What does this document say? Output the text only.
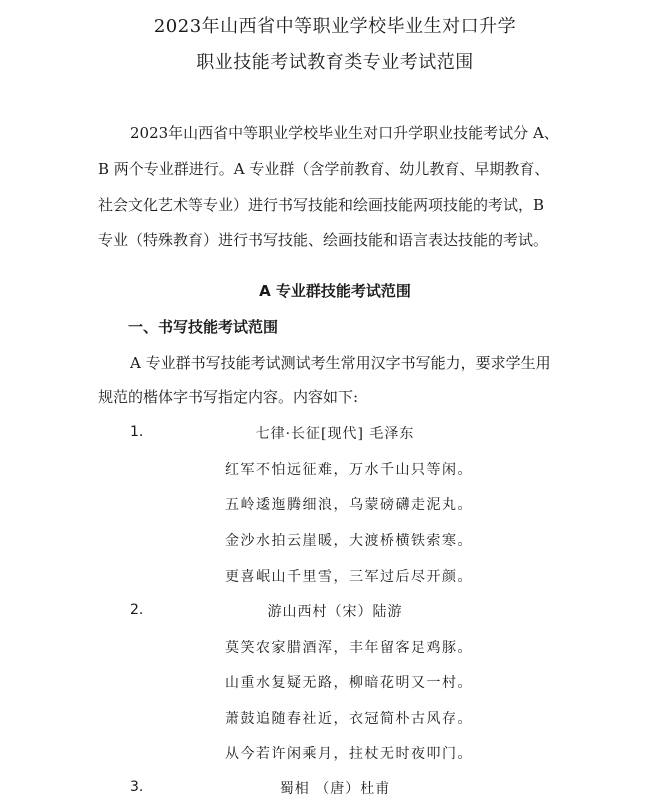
2023年山西省中等职业学校毕业生对口升学
职业技能考试教育类专业考试范围
2023年山西省中等职业学校毕业生对口升学职业技能考试分 A、
B 两个专业群进行。A 专业群（含学前教育、幼儿教育、早期教育、
社会文化艺术等专业）进行书写技能和绘画技能两项技能的考试，B
专业（特殊教育）进行书写技能、绘画技能和语言表达技能的考试。
A 专业群技能考试范围
一、书写技能考试范围
A 专业群书写技能考试测试考生常用汉字书写能力，要求学生用
规范的楷体字书写指定内容。内容如下:
1.	七律·长征[现代] 毛泽东
红军不怕远征难，万水千山只等闲。
五岭逶迤腾细浪，乌蒙磅礴走泥丸。
金沙水拍云崖暖，大渡桥横铁索寒。
更喜岷山千里雪，三军过后尽开颜。
2.	游山西村（宋）陆游
莫笑农家腊酒浑，丰年留客足鸡豚。
山重水复疑无路，柳暗花明又一村。
萧鼓追随春社近，衣冠简朴古风存。
从今若许闲乘月，拄杖无时夜叩门。
3.	蜀相 （唐）杜甫
